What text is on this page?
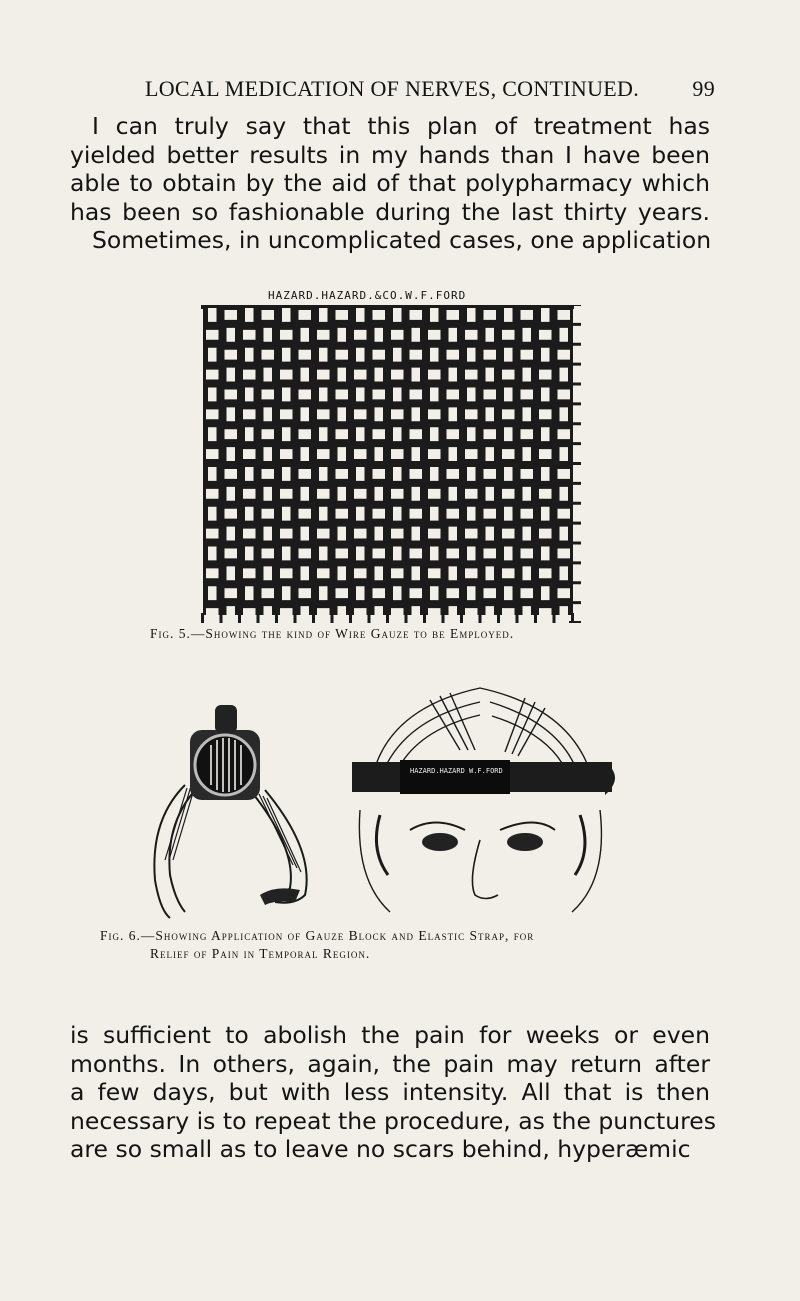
LOCAL MEDICATION OF NERVES, CONTINUED. 99

I can truly say that this plan of treatment has
yielded better results in my hands than I have been
able to obtain by the aid of that polypharmacy which
has been so fashionable during the last thirty years.
Sometimes, in uncomplicated cases, one application

HAZARD.HAZARD.&CO.W.F.FORD
Fig. 5.—Showing the kind of Wire Gauze to be Employed.
HAZARD.HAZARD W.F.FORD
Fig. 6.—Showing Application of Gauze Block and Elastic Strap, for
Relief of Pain in Temporal Region.

is sufficient to abolish the pain for weeks or even
months. In others, again, the pain may return after
a few days, but with less intensity. All that is then
necessary is to repeat the procedure, as the punctures
are so small as to leave no scars behind, hyperæmic
